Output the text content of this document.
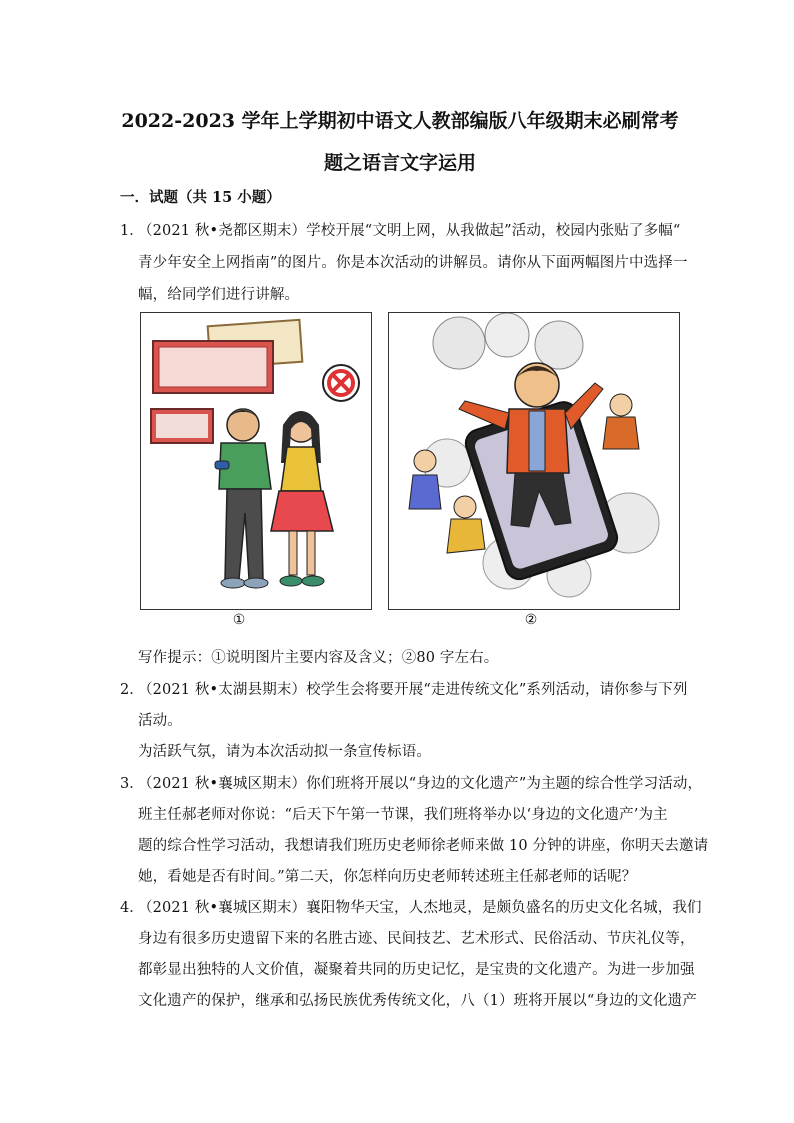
2022-2023 学年上学期初中语文人教部编版八年级期末必刷常考
题之语言文字运用
一．试题（共 15 小题）
1．
（2021 秋•尧都区期末）学校开展“文明上网，从我做起”活动，校园内张贴了多幅“
青少年安全上网指南”的图片。你是本次活动的讲解员。请你从下面两幅图片中选择一
幅，给同学们进行讲解。
①	②
写作提示：①说明图片主要内容及含义；②80 字左右。
2．
（2021 秋•太湖县期末）校学生会将要开展“走进传统文化”系列活动，请你参与下列
活动。
为活跃气氛，请为本次活动拟一条宣传标语。
3．
（2021 秋•襄城区期末）你们班将开展以“身边的文化遗产”为主题的综合性学习活动，
班主任郝老师对你说：“后天下午第一节课，我们班将举办以‘身边的文化遗产’为主
题的综合性学习活动，我想请我们班历史老师徐老师来做 10 分钟的讲座，你明天去邀请
她，看她是否有时间。”第二天，你怎样向历史老师转述班主任郝老师的话呢？
4．
（2021 秋•襄城区期末）襄阳物华天宝，人杰地灵，是颇负盛名的历史文化名城，我们
身边有很多历史遗留下来的名胜古迹、民间技艺、艺术形式、民俗活动、节庆礼仪等，
都彰显出独特的人文价值，凝聚着共同的历史记忆，是宝贵的文化遗产。为进一步加强
文化遗产的保护，继承和弘扬民族优秀传统文化，八（1）班将开展以“身边的文化遗产
